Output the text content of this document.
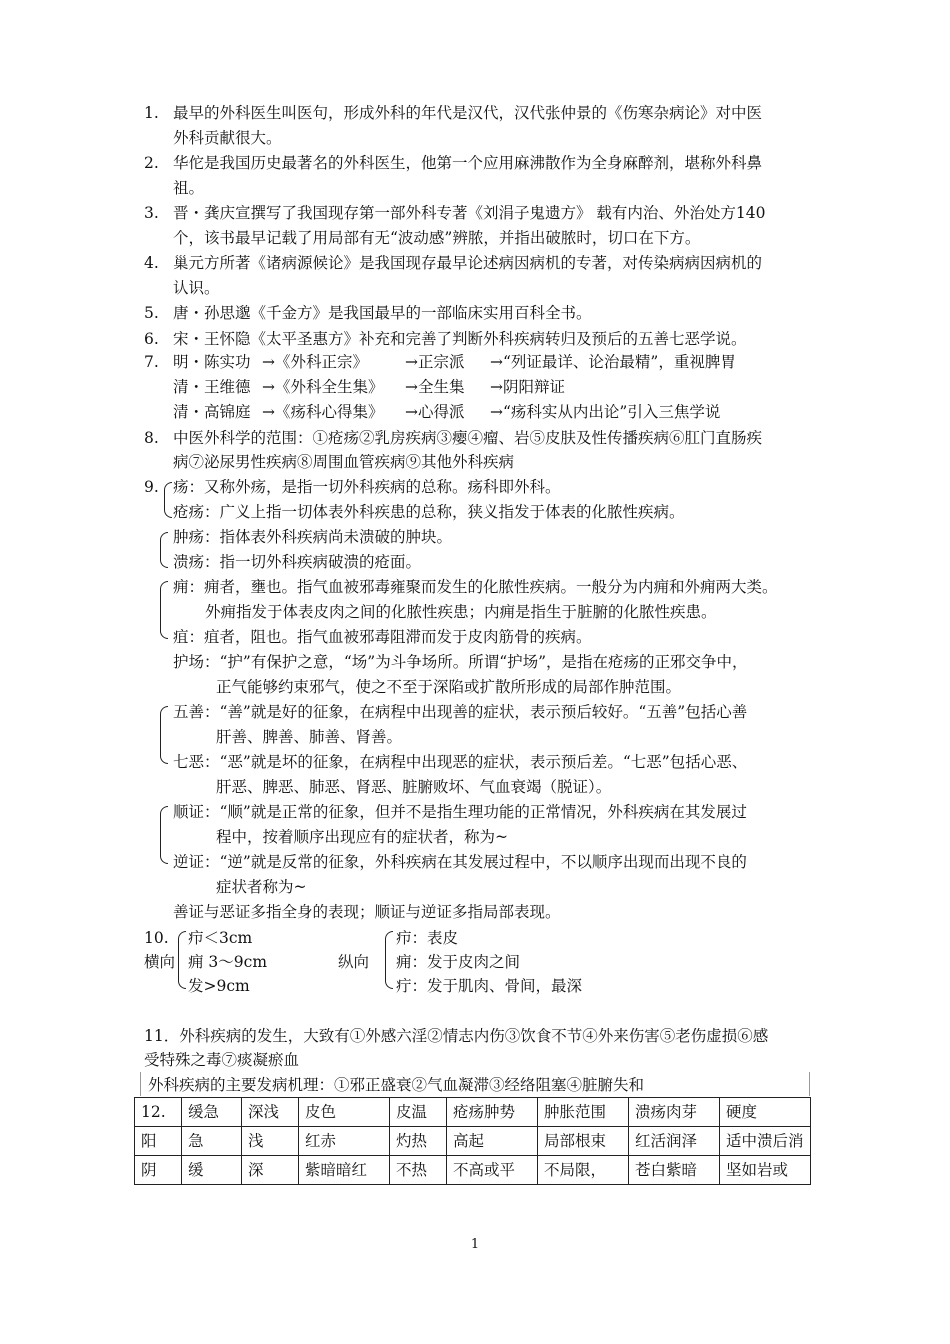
1. 最早的外科医生叫医句，形成外科的年代是汉代，汉代张仲景的《伤寒杂病论》对中医
外科贡献很大。
2. 华佗是我国历史最著名的外科医生，他第一个应用麻沸散作为全身麻醉剂，堪称外科鼻
祖。
3. 晋・龚庆宣撰写了我国现存第一部外科专著《刘涓子鬼遗方》 载有内治、外治处方140
个，该书最早记载了用局部有无“波动感”辨脓，并指出破脓时，切口在下方。
4. 巢元方所著《诸病源候论》是我国现存最早论述病因病机的专著，对传染病病因病机的
认识。
5. 唐・孙思邈《千金方》是我国最早的一部临床实用百科全书。
6. 宋・王怀隐《太平圣惠方》补充和完善了判断外科疾病转归及预后的五善七恶学说。
7. 明・陈实功 →《外科正宗》 →正宗派 →“列证最详、论治最精”，重视脾胃
清・王维德 →《外科全生集》 →全生集 →阴阳辩证
清・高锦庭 →《疡科心得集》 →心得派 →“疡科实从内出论”引入三焦学说
8. 中医外科学的范围：①疮疡②乳房疾病③瘿④瘤、岩⑤皮肤及性传播疾病⑥肛门直肠疾
病⑦泌尿男性疾病⑧周围血管疾病⑨其他外科疾病
9. 疡：又称外疡，是指一切外科疾病的总称。疡科即外科。
疮疡：广义上指一切体表外科疾患的总称，狭义指发于体表的化脓性疾病。
肿疡：指体表外科疾病尚未溃破的肿块。
溃疡：指一切外科疾病破溃的疮面。
痈：痈者，壅也。指气血被邪毒雍聚而发生的化脓性疾病。一般分为内痈和外痈两大类。
外痈指发于体表皮肉之间的化脓性疾患；内痈是指生于脏腑的化脓性疾患。
疽：疽者，阻也。指气血被邪毒阻滞而发于皮肉筋骨的疾病。
护场：“护”有保护之意，“场”为斗争场所。所谓“护场”，是指在疮疡的正邪交争中，
正气能够约束邪气，使之不至于深陷或扩散所形成的局部作肿范围。
五善：“善”就是好的征象，在病程中出现善的症状，表示预后较好。“五善”包括心善
肝善、脾善、肺善、肾善。
七恶：“恶”就是坏的征象，在病程中出现恶的症状，表示预后差。“七恶”包括心恶、
肝恶、脾恶、肺恶、肾恶、脏腑败坏、气血衰竭（脱证）。
顺证：“顺”就是正常的征象，但并不是指生理功能的正常情况，外科疾病在其发展过
程中，按着顺序出现应有的症状者，称为~
逆证：“逆”就是反常的征象，外科疾病在其发展过程中，不以顺序出现而出现不良的
症状者称为~
善证与恶证多指全身的表现；顺证与逆证多指局部表现。
10.
横向
疖＜3cm
痈 3～9cm
发>9cm
纵向
疖：表皮
痈：发于皮肉之间
疔：发于肌肉、骨间，最深
11．外科疾病的发生，大致有①外感六淫②情志内伤③饮食不节④外来伤害⑤老伤虚损⑥感
受特殊之毒⑦痰凝瘀血
外科疾病的主要发病机理：①邪正盛衰②气血凝滞③经络阻塞④脏腑失和
12.	缓急	深浅	皮色	皮温	疮疡肿势	肿胀范围	溃疡肉芽	硬度
阳	急	浅	红赤	灼热	高起	局部根束	红活润泽	适中溃后消
阴	缓	深	紫暗暗红	不热	不高或平	不局限，	苍白紫暗	坚如岩或
1
